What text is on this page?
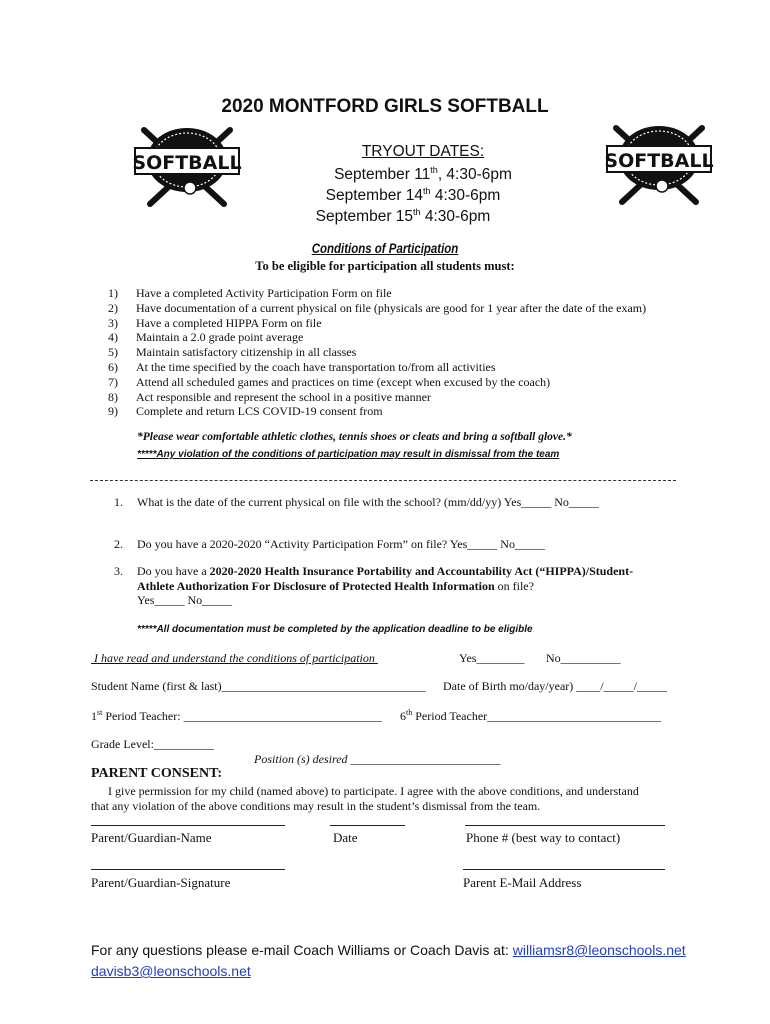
2020 MONTFORD GIRLS SOFTBALL
SOFTBALL	SOFTBALL
TRYOUT DATES:
September 11th, 4:30-6pm
September 14th 4:30-6pm
September 15th 4:30-6pm
Conditions of Participation
To be eligible for participation all students must:
1) Have a completed Activity Participation Form on file
2) Have documentation of a current physical on file (physicals are good for 1 year after the date of the exam)
3) Have a completed HIPPA Form on file
4) Maintain a 2.0 grade point average
5) Maintain satisfactory citizenship in all classes
6) At the time specified by the coach have transportation to/from all activities
7) Attend all scheduled games and practices on time (except when excused by the coach)
8) Act responsible and represent the school in a positive manner
9) Complete and return LCS COVID-19 consent from
*Please wear comfortable athletic clothes, tennis shoes or cleats and bring a softball glove.*
*****Any violation of the conditions of participation may result in dismissal from the team
1. What is the date of the current physical on file with the school? (mm/dd/yy) Yes_____ No_____
2. Do you have a 2020-2020 “Activity Participation Form” on file? Yes_____ No_____
3. Do you have a 2020-2020 Health Insurance Portability and Accountability Act (“HIPPA)/Student-Athlete Authorization For Disclosure of Protected Health Information on file?
Yes_____ No_____
*****All documentation must be completed by the application deadline to be eligible
I have read and understand the conditions of participation	Yes________ No__________
Student Name (first & last)__________________________________ Date of Birth mo/day/year) ____/_____/_____
1st Period Teacher: _________________________________ 6th Period Teacher_____________________________
Grade Level:__________
Position (s) desired _________________________
PARENT CONSENT:
I give permission for my child (named above) to participate. I agree with the above conditions, and understand that any violation of the above conditions may result in the student’s dismissal from the team.
Parent/Guardian-Name	Date	Phone # (best way to contact)
Parent/Guardian-Signature	Parent E-Mail Address
For any questions please e-mail Coach Williams or Coach Davis at: williamsr8@leonschools.net
davisb3@leonschools.net
